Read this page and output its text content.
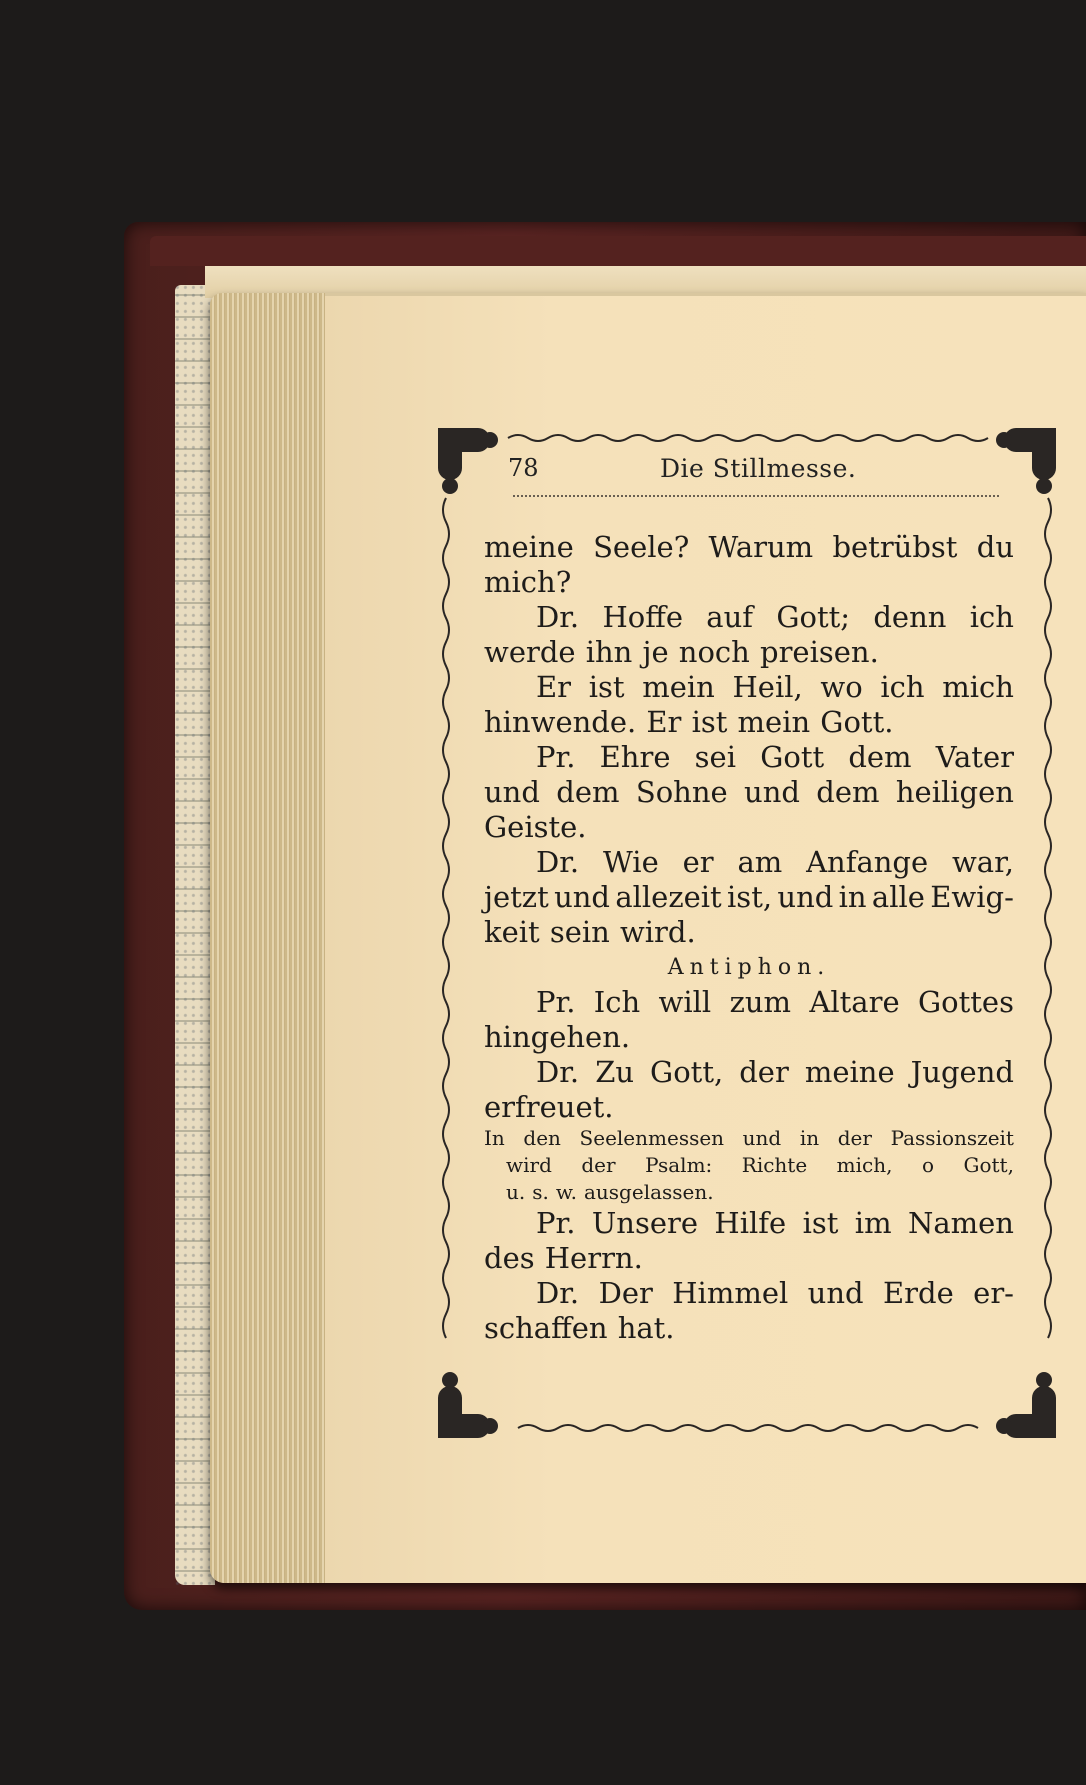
78	Die Stillmesse.
meine Seele? Warum betrübst du
mich?
Dr. Hoffe auf Gott; denn ich
werde ihn je noch preisen.
Er ist mein Heil, wo ich mich
hinwende. Er ist mein Gott.
Pr. Ehre sei Gott dem Vater
und dem Sohne und dem heiligen
Geiste.
Dr. Wie er am Anfange war,
jetzt und allezeit ist, und in alle Ewig-
keit sein wird.
Antiphon.
Pr. Ich will zum Altare Gottes
hingehen.
Dr. Zu Gott, der meine Jugend
erfreuet.
In den Seelenmessen und in der Passionszeit
wird der Psalm: Richte mich, o Gott,
u. s. w. ausgelassen.
Pr. Unsere Hilfe ist im Namen
des Herrn.
Dr. Der Himmel und Erde er-
schaffen hat.
